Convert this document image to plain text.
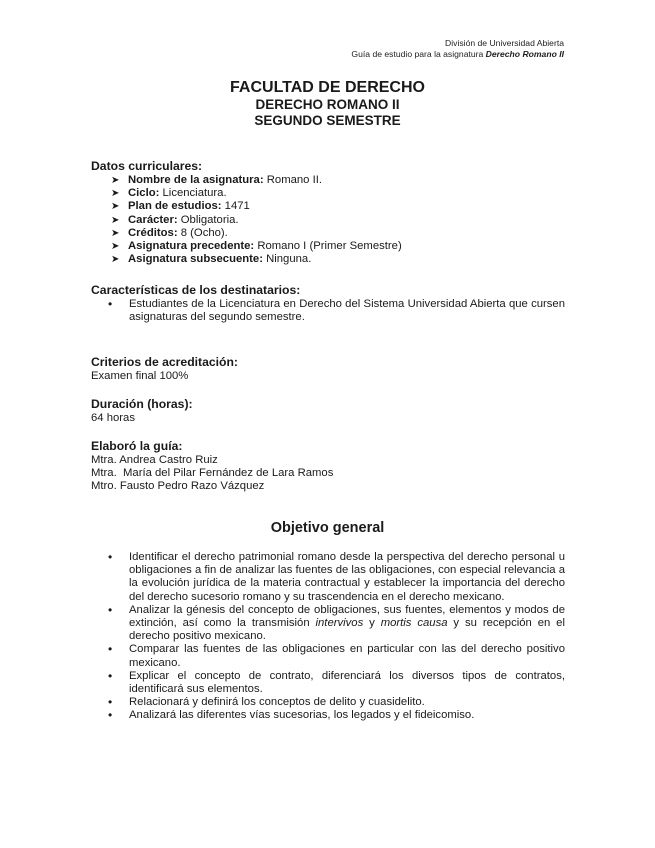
División de Universidad Abierta
Guía de estudio para la asignatura Derecho Romano II
FACULTAD DE DERECHO
DERECHO ROMANO II
SEGUNDO SEMESTRE
Datos curriculares:
➤ Nombre de la asignatura: Romano II.
➤ Ciclo: Licenciatura.
➤ Plan de estudios: 1471
➤ Carácter: Obligatoria.
➤ Créditos: 8 (Ocho).
➤ Asignatura precedente: Romano I (Primer Semestre)
➤ Asignatura subsecuente: Ninguna.
Características de los destinatarios:
• Estudiantes de la Licenciatura en Derecho del Sistema Universidad Abierta que cursen asignaturas del segundo semestre.
Criterios de acreditación:
Examen final 100%
Duración (horas):
64 horas
Elaboró la guía:
Mtra. Andrea Castro Ruiz
Mtra.  María del Pilar Fernández de Lara Ramos
Mtro. Fausto Pedro Razo Vázquez
Objetivo general
• Identificar el derecho patrimonial romano desde la perspectiva del derecho personal u obligaciones a fin de analizar las fuentes de las obligaciones, con especial relevancia a la evolución jurídica de la materia contractual y establecer la importancia del derecho del derecho sucesorio romano y su trascendencia en el derecho mexicano.
• Analizar la génesis del concepto de obligaciones, sus fuentes, elementos y modos de extinción, así como la transmisión intervivos y mortis causa y su recepción en el derecho positivo mexicano.
• Comparar las fuentes de las obligaciones en particular con las del derecho positivo mexicano.
• Explicar el concepto de contrato, diferenciará los diversos tipos de contratos, identificará sus elementos.
• Relacionará y definirá los conceptos de delito y cuasidelito.
• Analizará las diferentes vías sucesorias, los legados y el fideicomiso.
